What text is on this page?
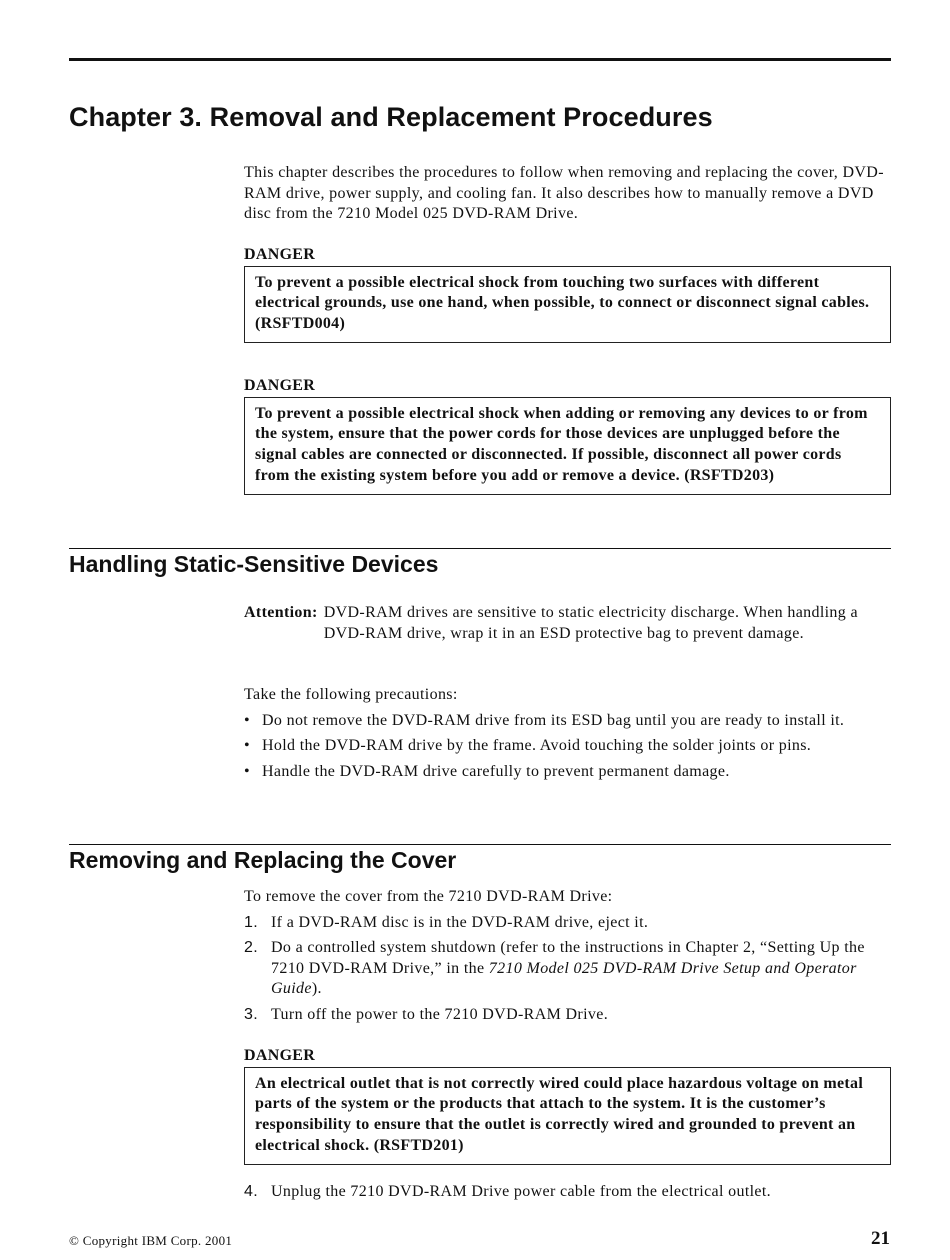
Chapter 3. Removal and Replacement Procedures
This chapter describes the procedures to follow when removing and replacing the cover, DVD-RAM drive, power supply, and cooling fan. It also describes how to manually remove a DVD disc from the 7210 Model 025 DVD-RAM Drive.
DANGER
To prevent a possible electrical shock from touching two surfaces with different electrical grounds, use one hand, when possible, to connect or disconnect signal cables. (RSFTD004)
DANGER
To prevent a possible electrical shock when adding or removing any devices to or from the system, ensure that the power cords for those devices are unplugged before the signal cables are connected or disconnected. If possible, disconnect all power cords from the existing system before you add or remove a device. (RSFTD203)
Handling Static-Sensitive Devices
Attention: DVD-RAM drives are sensitive to static electricity discharge. When handling a DVD-RAM drive, wrap it in an ESD protective bag to prevent damage.
Take the following precautions:
• Do not remove the DVD-RAM drive from its ESD bag until you are ready to install it.
• Hold the DVD-RAM drive by the frame. Avoid touching the solder joints or pins.
• Handle the DVD-RAM drive carefully to prevent permanent damage.
Removing and Replacing the Cover
To remove the cover from the 7210 DVD-RAM Drive:
1. If a DVD-RAM disc is in the DVD-RAM drive, eject it.
2. Do a controlled system shutdown (refer to the instructions in Chapter 2, “Setting Up the 7210 DVD-RAM Drive,” in the 7210 Model 025 DVD-RAM Drive Setup and Operator Guide).
3. Turn off the power to the 7210 DVD-RAM Drive.
DANGER
An electrical outlet that is not correctly wired could place hazardous voltage on metal parts of the system or the products that attach to the system. It is the customer’s responsibility to ensure that the outlet is correctly wired and grounded to prevent an electrical shock. (RSFTD201)
4. Unplug the 7210 DVD-RAM Drive power cable from the electrical outlet.
© Copyright IBM Corp. 2001	21
